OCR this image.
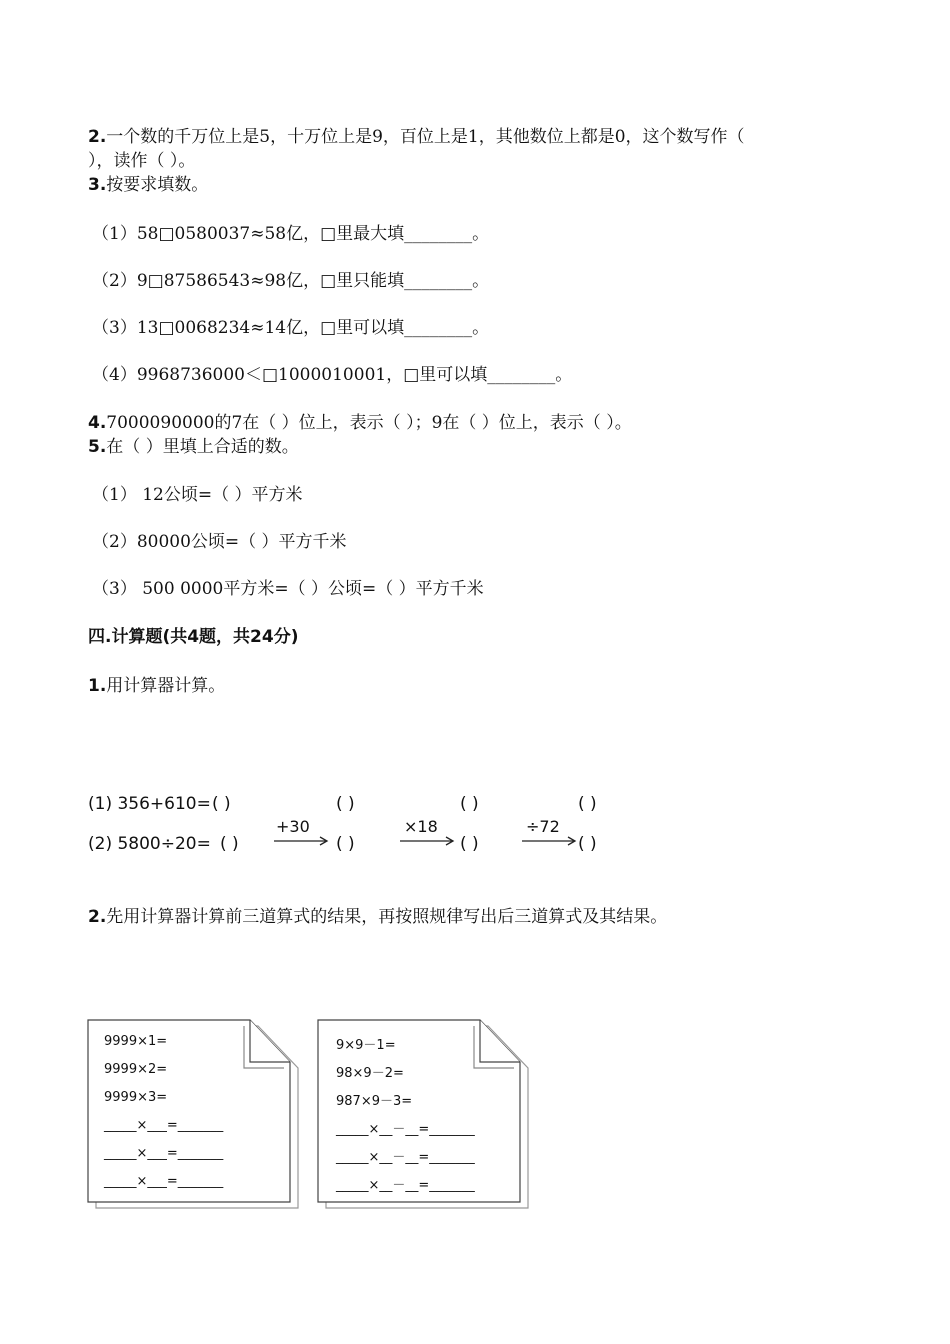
2.一个数的千万位上是5，十万位上是9，百位上是1，其他数位上都是0，这个数写作（
），读作（ ）。
3.按要求填数。
（1）58□0580037≈58亿，□里最大填________。
（2）9□87586543≈98亿，□里只能填________。
（3）13□0068234≈14亿，□里可以填________。
（4）9968736000＜□1000010001，□里可以填________。
4.7000090000的7在（ ）位上，表示（ ）；9在（ ）位上，表示（ ）。
5.在（ ）里填上合适的数。
（1） 12公顷=（ ）平方米
（2）80000公顷=（ ）平方千米
（3） 500 0000平方米=（ ）公顷=（ ）平方千米
四.计算题(共4题，共24分)
1.用计算器计算。
(1) 356+610= ( )	( )	( )	( )
(2) 5800÷20= ( )	( )	( )	( )
+30	×18	÷72
2.先用计算器计算前三道算式的结果，再按照规律写出后三道算式及其结果。
9999×1=
9999×2=
9999×3=
_____×___=_______
_____×___=_______
_____×___=_______
9×9－1=
98×9－2=
987×9－3=
_____×__－__=_______
_____×__－__=_______
_____×__－__=_______
